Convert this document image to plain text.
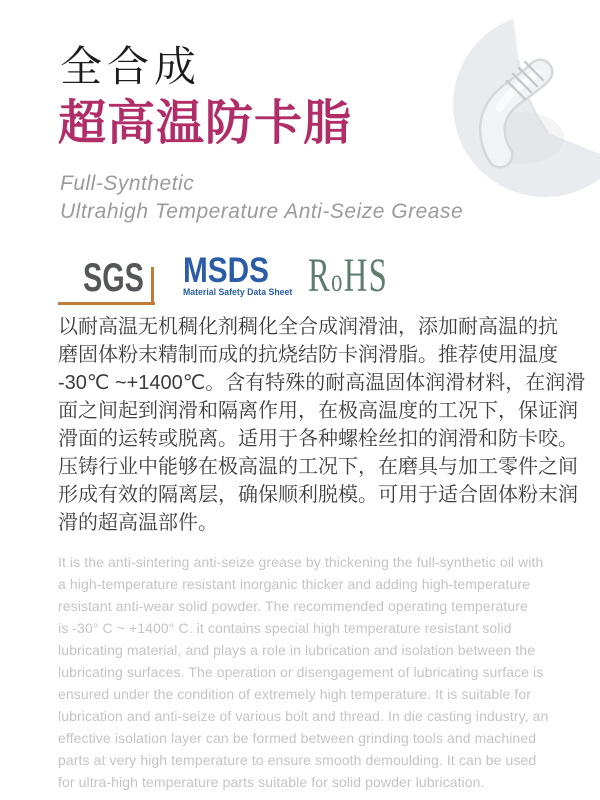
全合成
超高温防卡脂
Full-Synthetic
Ultrahigh Temperature Anti-Seize Grease
SGS MSDS
Material Safety Data Sheet RoHS
以耐高温无机稠化剂稠化全合成润滑油，添加耐高温的抗
磨固体粉末精制而成的抗烧结防卡润滑脂。推荐使用温度
-30℃ ~+1400℃。含有特殊的耐高温固体润滑材料，在润滑
面之间起到润滑和隔离作用，在极高温度的工况下，保证润
滑面的运转或脱离。适用于各种螺栓丝扣的润滑和防卡咬。
压铸行业中能够在极高温的工况下，在磨具与加工零件之间
形成有效的隔离层，确保顺利脱模。可用于适合固体粉末润
滑的超高温部件。
It is the anti-sintering anti-seize grease by thickening the full-synthetic oil with
a high-temperature resistant inorganic thicker and adding high-temperature
resistant anti-wear solid powder. The recommended operating temperature
is -30° C ~ +1400° C. it contains special high temperature resistant solid
lubricating material, and plays a role in lubrication and isolation between the
lubricating surfaces. The operation or disengagement of lubricating surface is
ensured under the condition of extremely high temperature. It is suitable for
lubrication and anti-seize of various bolt and thread. In die casting industry, an
effective isolation layer can be formed between grinding tools and machined
parts at very high temperature to ensure smooth demoulding. It can be used
for ultra-high temperature parts suitable for solid powder lubrication.
